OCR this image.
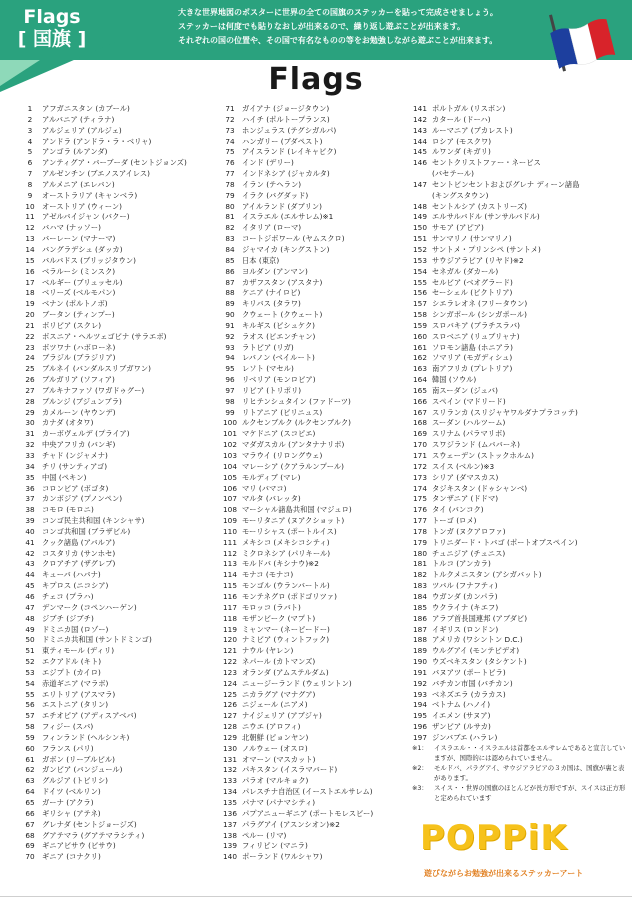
Flags
[ 国旗 ]
大きな世界地図のポスターに世界の全ての国旗のステッカーを貼って完成させましょう。
ステッカーは何度でも貼りなおしが出来るので、繰り返し遊ぶことが出来ます。
それぞれの国の位置や、その国で有名なものの等をお勉強しながら遊ぶことが出来ます。
Flags
1	アフガニスタン (カブール)
2	アルバニア (ティラナ)
3	アルジェリア (アルジェ)
4	アンドラ (アンドラ・ラ・ベリャ)
5	アンゴラ (ルアンダ)
6	アンティグア・バーブーダ (セントジョンズ)
7	アルゼンチン (ブエノスアイレス)
8	アルメニア (エレバン)
9	オーストラリア (キャンベラ)
10	オーストリア (ウィーン)
11	アゼルバイジャン (バクー)
12	バハマ (ナッソー)
13	バーレーン (マナーマ)
14	バングラデシュ (ダッカ)
15	バルバドス (ブリッジタウン)
16	ベラルーシ (ミンスク)
17	ベルギー (ブリュッセル)
18	ベリーズ (ベルモパン)
19	ベナン (ポルトノボ)
20	ブータン (ティンプー)
21	ボリビア (スクレ)
22	ボスニア・ヘルツェゴビナ (サラエボ)
23	ボツワナ (ハボローネ)
24	ブラジル (ブラジリア)
25	ブルネイ (バンダルスリブガワン)
26	ブルガリア (ソフィア)
27	ブルキナファソ (ワガドゥグー)
28	ブルンジ (ブジュンブラ)
29	カメルーン (ヤウンデ)
30	カナダ (オタワ)
31	カーボヴェルデ (プライア)
32	中央アフリカ (バンギ)
33	チャド (ンジャメナ)
34	チリ (サンティアゴ)
35	中国 (ペキン)
36	コロンビア (ボゴタ)
37	カンボジア (プノンペン)
38	コモロ (モロニ)
39	コンゴ民主共和国 (キンシャサ)
40	コンゴ共和国 (ブラザビル)
41	クック諸島 (アバルア)
42	コスタリカ (サンホセ)
43	クロアチア (ザグレブ)
44	キューバ (ハバナ)
45	キプロス (ニコシア)
46	チェコ (プラハ)
47	デンマーク (コペンハーゲン)
48	ジブチ (ジブチ)
49	ドミニカ国 (ロゾー)
50	ドミニカ共和国 (サントドミンゴ)
51	東ティモール (ディリ)
52	エクアドル (キト)
53	エジプト (カイロ)
54	赤道ギニア (マラボ)
55	エリトリア (アスマラ)
56	エストニア (タリン)
57	エチオピア (アディスアベバ)
58	フィジー (スバ)
59	フィンランド (ヘルシンキ)
60	フランス (パリ)
61	ガボン (リーブルビル)
62	ガンビア (バンジュール)
63	グルジア (トビリシ)
64	ドイツ (ベルリン)
65	ガーナ (アクラ)
66	ギリシャ (アテネ)
67	グレナダ (セントジョージズ)
68	グアテマラ (グアテマラシティ)
69	ギニアビサウ (ビサウ)
70	ギニア (コナクリ)
71	ガイアナ (ジョージタウン)
72	ハイチ (ポルトープランス)
73	ホンジュラス (テグシガルパ)
74	ハンガリー (ブダペスト)
75	アイスランド (レイキャビク)
76	インド (デリー)
77	インドネシア (ジャカルタ)
78	イラン (テヘラン)
79	イラク (バグダッド)
80	アイルランド (ダブリン)
81	イスラエル (エルサレム)※1
82	イタリア (ローマ)
83	コートジボワール (ヤムスクロ)
84	ジャマイカ (キングストン)
85	日本 (東京)
86	ヨルダン (アンマン)
87	カザフスタン (アスタナ)
88	ケニア (ナイロビ)
89	キリバス (タラワ)
90	クウェート (クウェート)
91	キルギス (ビシュケク)
92	ラオス (ビエンチャン)
93	ラトビア (リガ)
94	レバノン (ベイルート)
95	レソト (マセル)
96	リベリア (モンロビア)
97	リビア (トリポリ)
98	リヒテンシュタイン (ファドーツ)
99	リトアニア (ビリニュス)
100 ルクセンブルク (ルクセンブルク)
101 マケドニア (スコピエ)
102 マダガスカル (アンタナナリボ)
103 マラウイ (リロングウェ)
104 マレーシア (クアラルンプール)
105 モルディブ (マレ)
106 マリ (バマコ)
107 マルタ (バレッタ)
108 マーシャル諸島共和国 (マジュロ)
109 モーリタニア (ヌアクショット)
110 モーリシャス (ポートルイス)
111 メキシコ (メキシコシティ)
112 ミクロネシア (パリキール)
113 モルドバ (キシナウ)※2
114 モナコ (モナコ)
115 モンゴル (ウランバートル)
116 モンテネグロ (ポドゴリツァ)
117 モロッコ (ラバト)
118 モザンビーク (マプト)
119 ミャンマー (ネーピードー)
120 ナミビア (ウィントフック)
121 ナウル (ヤレン)
122 ネパール (カトマンズ)
123 オランダ (アムステルダム)
124 ニュージーランド (ウェリントン)
125 ニカラグア (マナグア)
126 ニジェール (ニアメ)
127 ナイジェリア (アブジャ)
128 ニウエ (アロフィ)
129 北朝鮮 (ピョンヤン)
130 ノルウェー (オスロ)
131 オマーン (マスカット)
132 パキスタン (イスラマバード)
133 パラオ (マルキョク)
134 パレスチナ自治区 (イーストエルサレム)
135 パナマ (パナマシティ)
136 パプアニューギニア (ポートモレスビー)
137 パラグアイ (アスンシオン)※2
138 ペルー (リマ)
139 フィリピン (マニラ)
140 ポーランド (ワルシャワ)
141 ポルトガル (リスボン)
142 カタール (ドーハ)
143 ルーマニア (ブカレスト)
144 ロシア (モスクワ)
145 ルワンダ (キガリ)
146 セントクリストファー・ネービス
(バセテール)
147 セントビンセントおよびグレナ ディーン諸島
(キングスタウン)
148 セントルシア (カストリーズ)
149 エルサルバドル (サンサルバドル)
150 サモア (アピア)
151 サンマリノ (サンマリノ)
152 サントメ・プリンシペ (サントメ)
153 サウジアラビア (リヤド)※2
154 セネガル (ダカール)
155 セルビア (ベオグラード)
156 セーシェル (ビクトリア)
157 シエラレオネ (フリータウン)
158 シンガポール (シンガポール)
159 スロバキア (ブラチスラバ)
160 スロベニア (リュブリャナ)
161 ソロモン諸島 (ホニアラ)
162 ソマリア (モガディシュ)
163 南アフリカ (プレトリア)
164 韓国 (ソウル)
165 南スーダン (ジュバ)
166 スペイン (マドリード)
167 スリランカ (スリジャヤワルダナプラコッテ)
168 スーダン (ハルツーム)
169 スリナム (パラマリボ)
170 スワジランド (ムババーネ)
171 スウェーデン (ストックホルム)
172 スイス (ベルン)※3
173 シリア (ダマスカス)
174 タジキスタン (ドゥシャンベ)
175 タンザニア (ドドマ)
176 タイ (バンコク)
177 トーゴ (ロメ)
178 トンガ (ヌクアロファ)
179 トリニダード・トバゴ (ポートオブスペイン)
180 チュニジア (チュニス)
181 トルコ (アンカラ)
182 トルクメニスタン (アシガバット)
183 ツバル (フナフティ)
184 ウガンダ (カンパラ)
185 ウクライナ (キエフ)
186 アラブ首長国連邦 (アブダビ)
187 イギリス (ロンドン)
188 アメリカ (ワシントン D.C.)
189 ウルグアイ (モンテビデオ)
190 ウズベキスタン (タシケント)
191 バヌアツ (ポートビラ)
192 バチカン市国 (バチカン)
193 ベネズエラ (カラカス)
194 ベトナム (ハノイ)
195 イエメン (サヌア)
196 ザンビア (ルサカ)
197 ジンバブエ (ハラレ)
※1： イスラエル・・イスラエルは首都をエルサレムであると宣言していますが、国際的には認められていません。
※2： モルドバ、パラグアイ、サウジアラビアの３カ国は、国旗が裏と表があります。
※3： スイス・・世界の国旗のほとんどが長方形ですが、スイスは正方形と定められています
POPPiK
遊びながらお勉強が出来るステッカーアート
